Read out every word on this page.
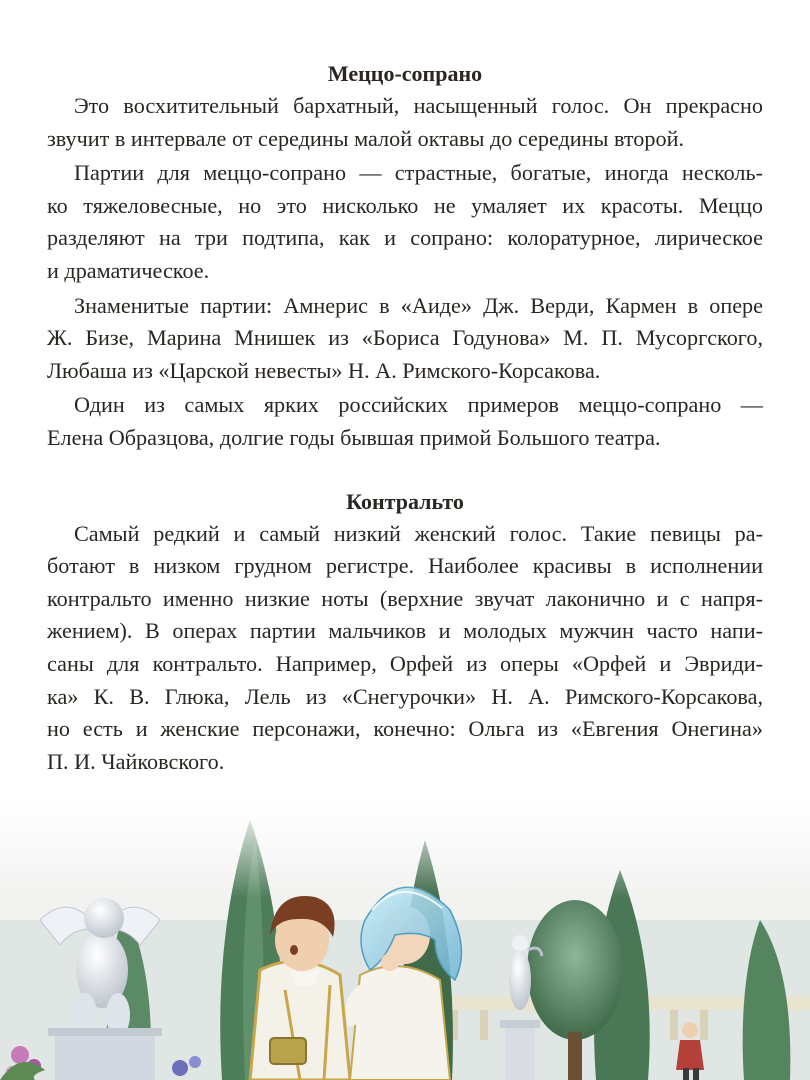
Меццо-сопрано

Это восхитительный бархатный, насыщенный голос. Он прекрасно
звучит в интервале от середины малой октавы до середины второй.

Партии для меццо-сопрано — страстные, богатые, иногда несколь-
ко тяжеловесные, но это нисколько не умаляет их красоты. Меццо
разделяют на три подтипа, как и сопрано: колоратурное, лирическое
и драматическое.

Знаменитые партии: Амнерис в «Аиде» Дж. Верди, Кармен в опере
Ж. Бизе, Марина Мнишек из «Бориса Годунова» М. П. Мусоргского,
Любаша из «Царской невесты» Н. А. Римского-Корсакова.

Один из самых ярких российских примеров меццо-сопрано —
Елена Образцова, долгие годы бывшая примой Большого театра.

Контральто

Самый редкий и самый низкий женский голос. Такие певицы ра-
ботают в низком грудном регистре. Наиболее красивы в исполнении
контральто именно низкие ноты (верхние звучат лаконично и с напря-
жением). В операх партии мальчиков и молодых мужчин часто напи-
саны для контральто. Например, Орфей из оперы «Орфей и Эвриди-
ка» К. В. Глюка, Лель из «Снегурочки» Н. А. Римского-Корсакова,
но есть и женские персонажи, конечно: Ольга из «Евгения Онегина»
П. И. Чайковского.
